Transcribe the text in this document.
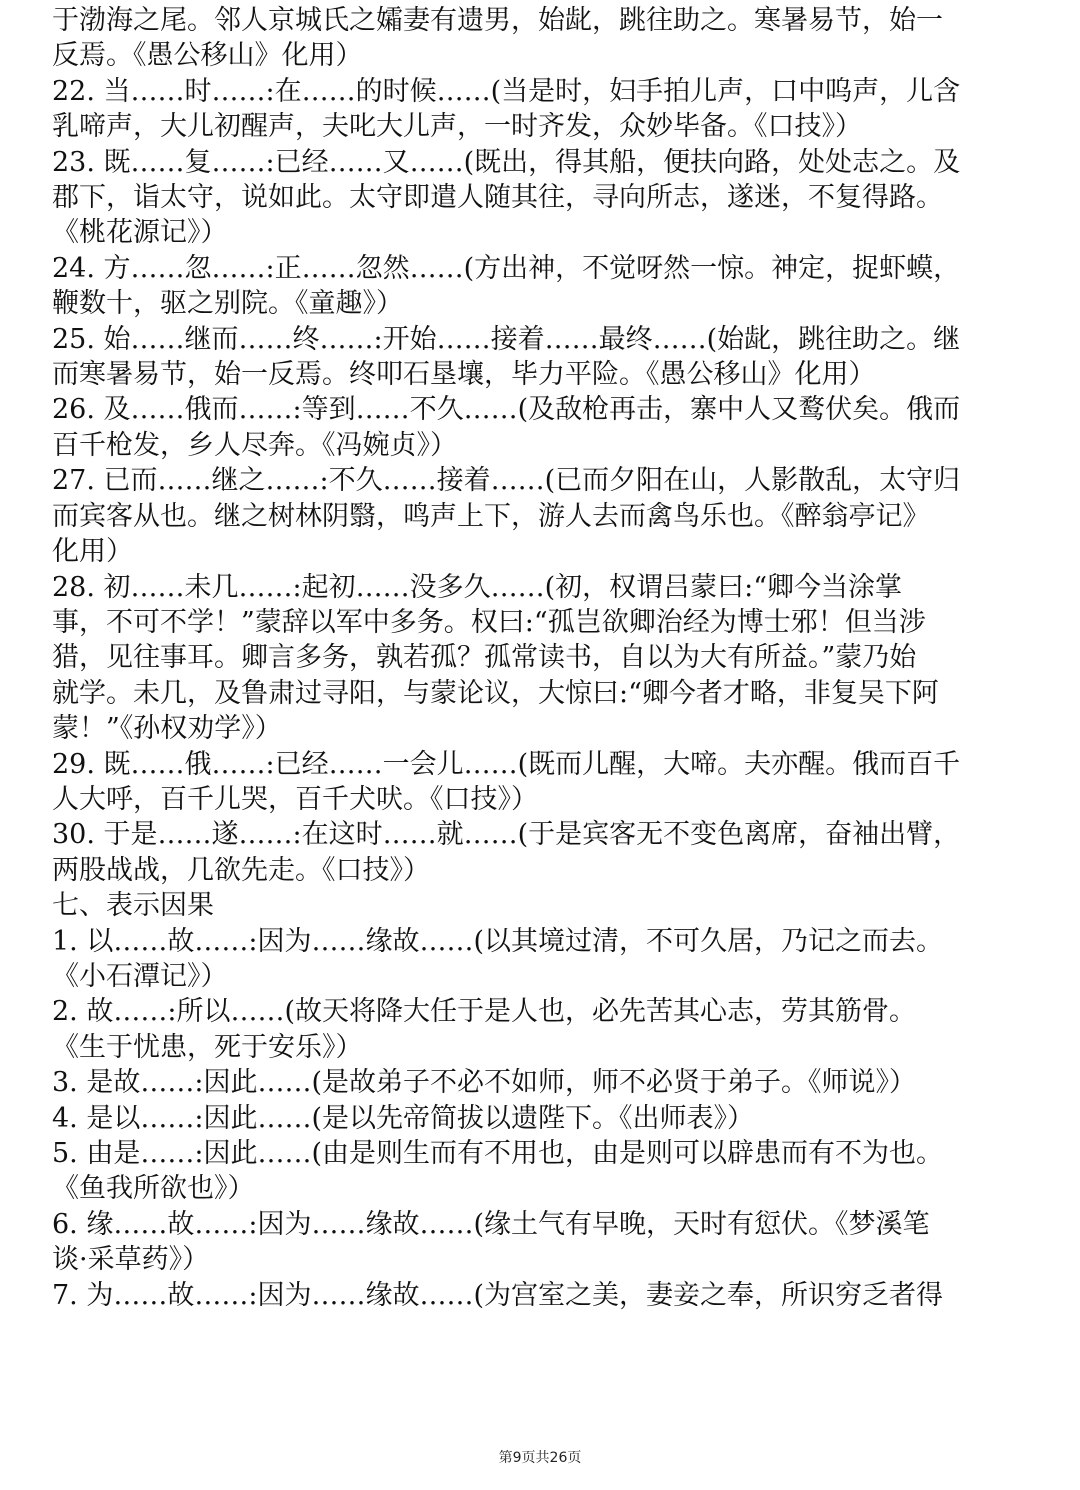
于渤海之尾。邻人京城氏之孀妻有遗男，始龀，跳往助之。寒暑易节，始一
反焉。《愚公移山》化用）
22. 当……时……:在……的时候……(当是时，妇手拍儿声，口中呜声，儿含
乳啼声，大儿初醒声，夫叱大儿声，一时齐发，众妙毕备。《口技》）
23. 既……复……:已经……又……(既出，得其船，便扶向路，处处志之。及
郡下，诣太守，说如此。太守即遣人随其往，寻向所志，遂迷，不复得路。
《桃花源记》）
24. 方……忽……:正……忽然……(方出神，不觉呀然一惊。神定，捉虾蟆，
鞭数十，驱之别院。《童趣》）
25. 始……继而……终……:开始……接着……最终……(始龀，跳往助之。继
而寒暑易节，始一反焉。终叩石垦壤，毕力平险。《愚公移山》化用）
26. 及……俄而……:等到……不久……(及敌枪再击，寨中人又鹜伏矣。俄而
百千枪发，乡人尽奔。《冯婉贞》）
27. 已而……继之……:不久……接着……(已而夕阳在山，人影散乱，太守归
而宾客从也。继之树林阴翳，鸣声上下，游人去而禽鸟乐也。《醉翁亭记》
化用）
28. 初……未几……:起初……没多久……(初，权谓吕蒙曰:“卿今当涂掌
事，不可不学！”蒙辞以军中多务。权曰:“孤岂欲卿治经为博士邪！但当涉
猎，见往事耳。卿言多务，孰若孤？孤常读书，自以为大有所益。”蒙乃始
就学。未几，及鲁肃过寻阳，与蒙论议，大惊曰:“卿今者才略，非复吴下阿
蒙！”《孙权劝学》）
29. 既……俄……:已经……一会儿……(既而儿醒，大啼。夫亦醒。俄而百千
人大呼，百千儿哭，百千犬吠。《口技》）
30. 于是……遂……:在这时……就……(于是宾客无不变色离席，奋袖出臂，
两股战战，几欲先走。《口技》）
七、表示因果
1. 以……故……:因为……缘故……(以其境过清，不可久居，乃记之而去。
《小石潭记》）
2. 故……:所以……(故天将降大任于是人也，必先苦其心志，劳其筋骨。
《生于忧患，死于安乐》）
3. 是故……:因此……(是故弟子不必不如师，师不必贤于弟子。《师说》）
4. 是以……:因此……(是以先帝简拔以遗陛下。《出师表》）
5. 由是……:因此……(由是则生而有不用也，由是则可以辟患而有不为也。
《鱼我所欲也》）
6. 缘……故……:因为……缘故……(缘土气有早晚，天时有愆伏。《梦溪笔
谈·采草药》）
7. 为……故……:因为……缘故……(为宫室之美，妻妾之奉，所识穷乏者得
第9页共26页
